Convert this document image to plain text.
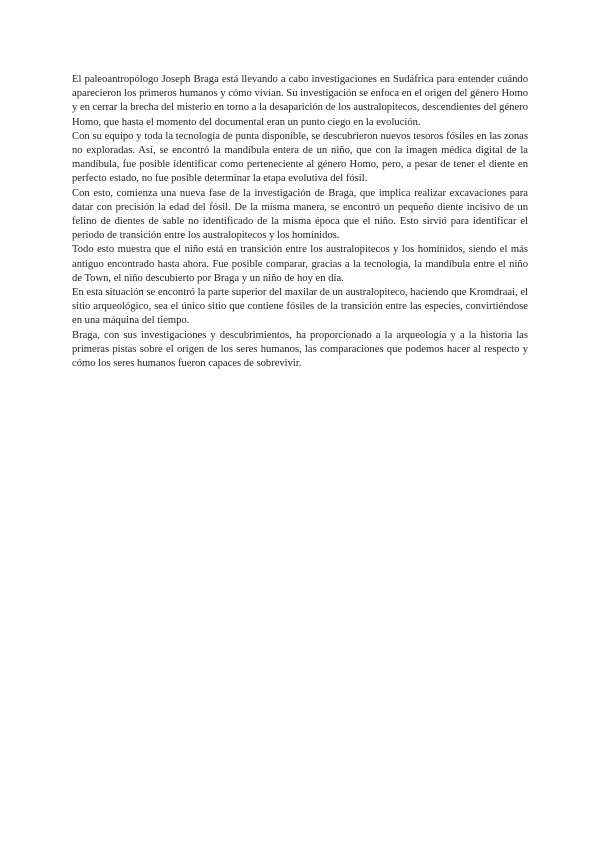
El paleoantropólogo Joseph Braga está llevando a cabo investigaciones en Sudáfrica para entender cuándo aparecieron los primeros humanos y cómo vivían. Su investigación se enfoca en el origen del género Homo y en cerrar la brecha del misterio en torno a la desaparición de los australopitecos, descendientes del género Homo, que hasta el momento del documental eran un punto ciego en la evolución.

Con su equipo y toda la tecnología de punta disponible, se descubrieron nuevos tesoros fósiles en las zonas no exploradas. Así, se encontró la mandíbula entera de un niño, que con la imagen médica digital de la mandíbula, fue posible identificar como perteneciente al género Homo, pero, a pesar de tener el diente en perfecto estado, no fue posible determinar la etapa evolutiva del fósil.

Con esto, comienza una nueva fase de la investigación de Braga, que implica realizar excavaciones para datar con precisión la edad del fósil. De la misma manera, se encontró un pequeño diente incisivo de un felino de dientes de sable no identificado de la misma época que el niño. Esto sirvió para identificar el periodo de transición entre los australopitecos y los homínidos.

Todo esto muestra que el niño está en transición entre los australopitecos y los homínidos, siendo el más antiguo encontrado hasta ahora. Fue posible comparar, gracias a la tecnología, la mandíbula entre el niño de Town, el niño descubierto por Braga y un niño de hoy en día.

En esta situación se encontró la parte superior del maxilar de un australopiteco, haciendo que Kromdraai, el sitio arqueológico, sea el único sitio que contiene fósiles de la transición entre las especies, convirtiéndose en una máquina del tiempo.

Braga, con sus investigaciones y descubrimientos, ha proporcionado a la arqueología y a la historia las primeras pistas sobre el origen de los seres humanos, las comparaciones que podemos hacer al respecto y cómo los seres humanos fueron capaces de sobrevivir.
